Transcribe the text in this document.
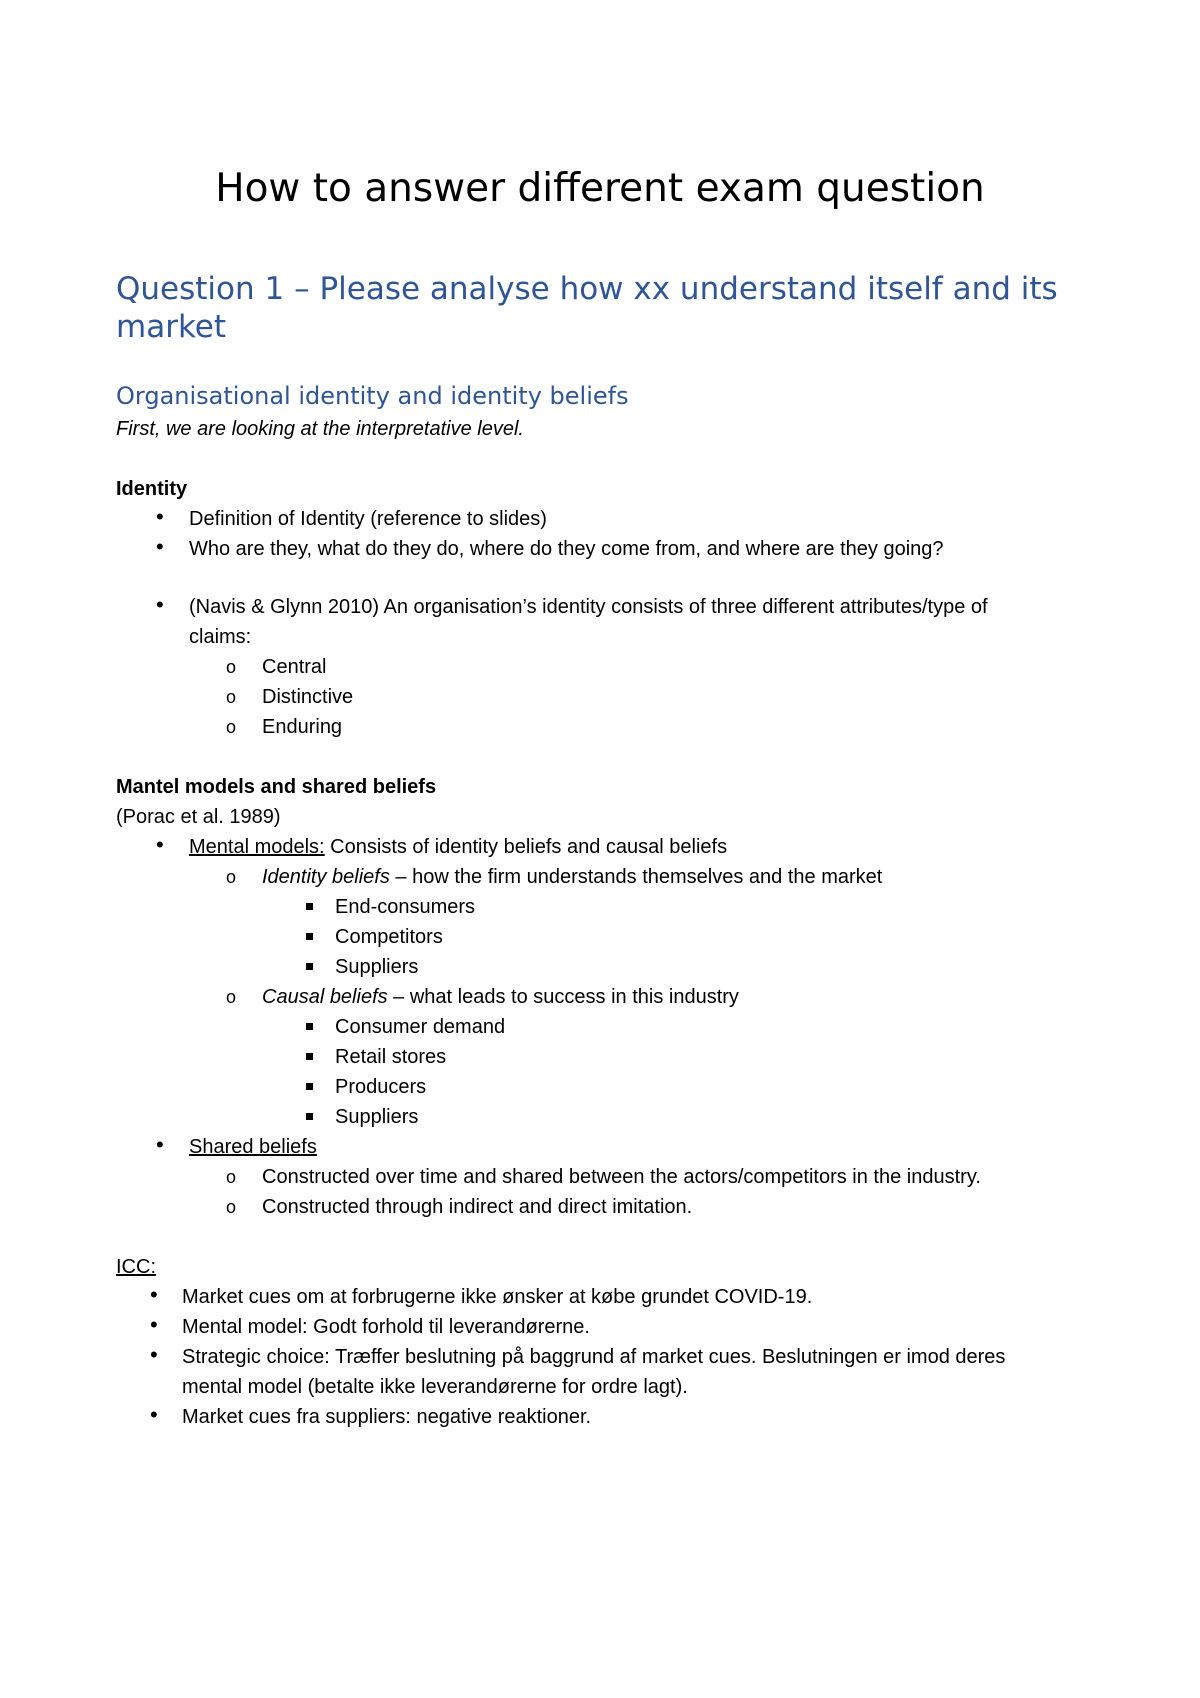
How to answer different exam question
Question 1 – Please analyse how xx understand itself and its market
Organisational identity and identity beliefs
First, we are looking at the interpretative level.
Identity
• Definition of Identity (reference to slides)
• Who are they, what do they do, where do they come from, and where are they going?
• (Navis & Glynn 2010) An organisation’s identity consists of three different attributes/type of
claims:
o Central
o Distinctive
o Enduring
Mantel models and shared beliefs
(Porac et al. 1989)
• Mental models: Consists of identity beliefs and causal beliefs
o Identity beliefs – how the firm understands themselves and the market
End-consumers
Competitors
Suppliers
o Causal beliefs – what leads to success in this industry
Consumer demand
Retail stores
Producers
Suppliers
• Shared beliefs
o Constructed over time and shared between the actors/competitors in the industry.
o Constructed through indirect and direct imitation.
ICC:
• Market cues om at forbrugerne ikke ønsker at købe grundet COVID-19.
• Mental model: Godt forhold til leverandørerne.
• Strategic choice: Træffer beslutning på baggrund af market cues. Beslutningen er imod deres
mental model (betalte ikke leverandørerne for ordre lagt).
• Market cues fra suppliers: negative reaktioner.
